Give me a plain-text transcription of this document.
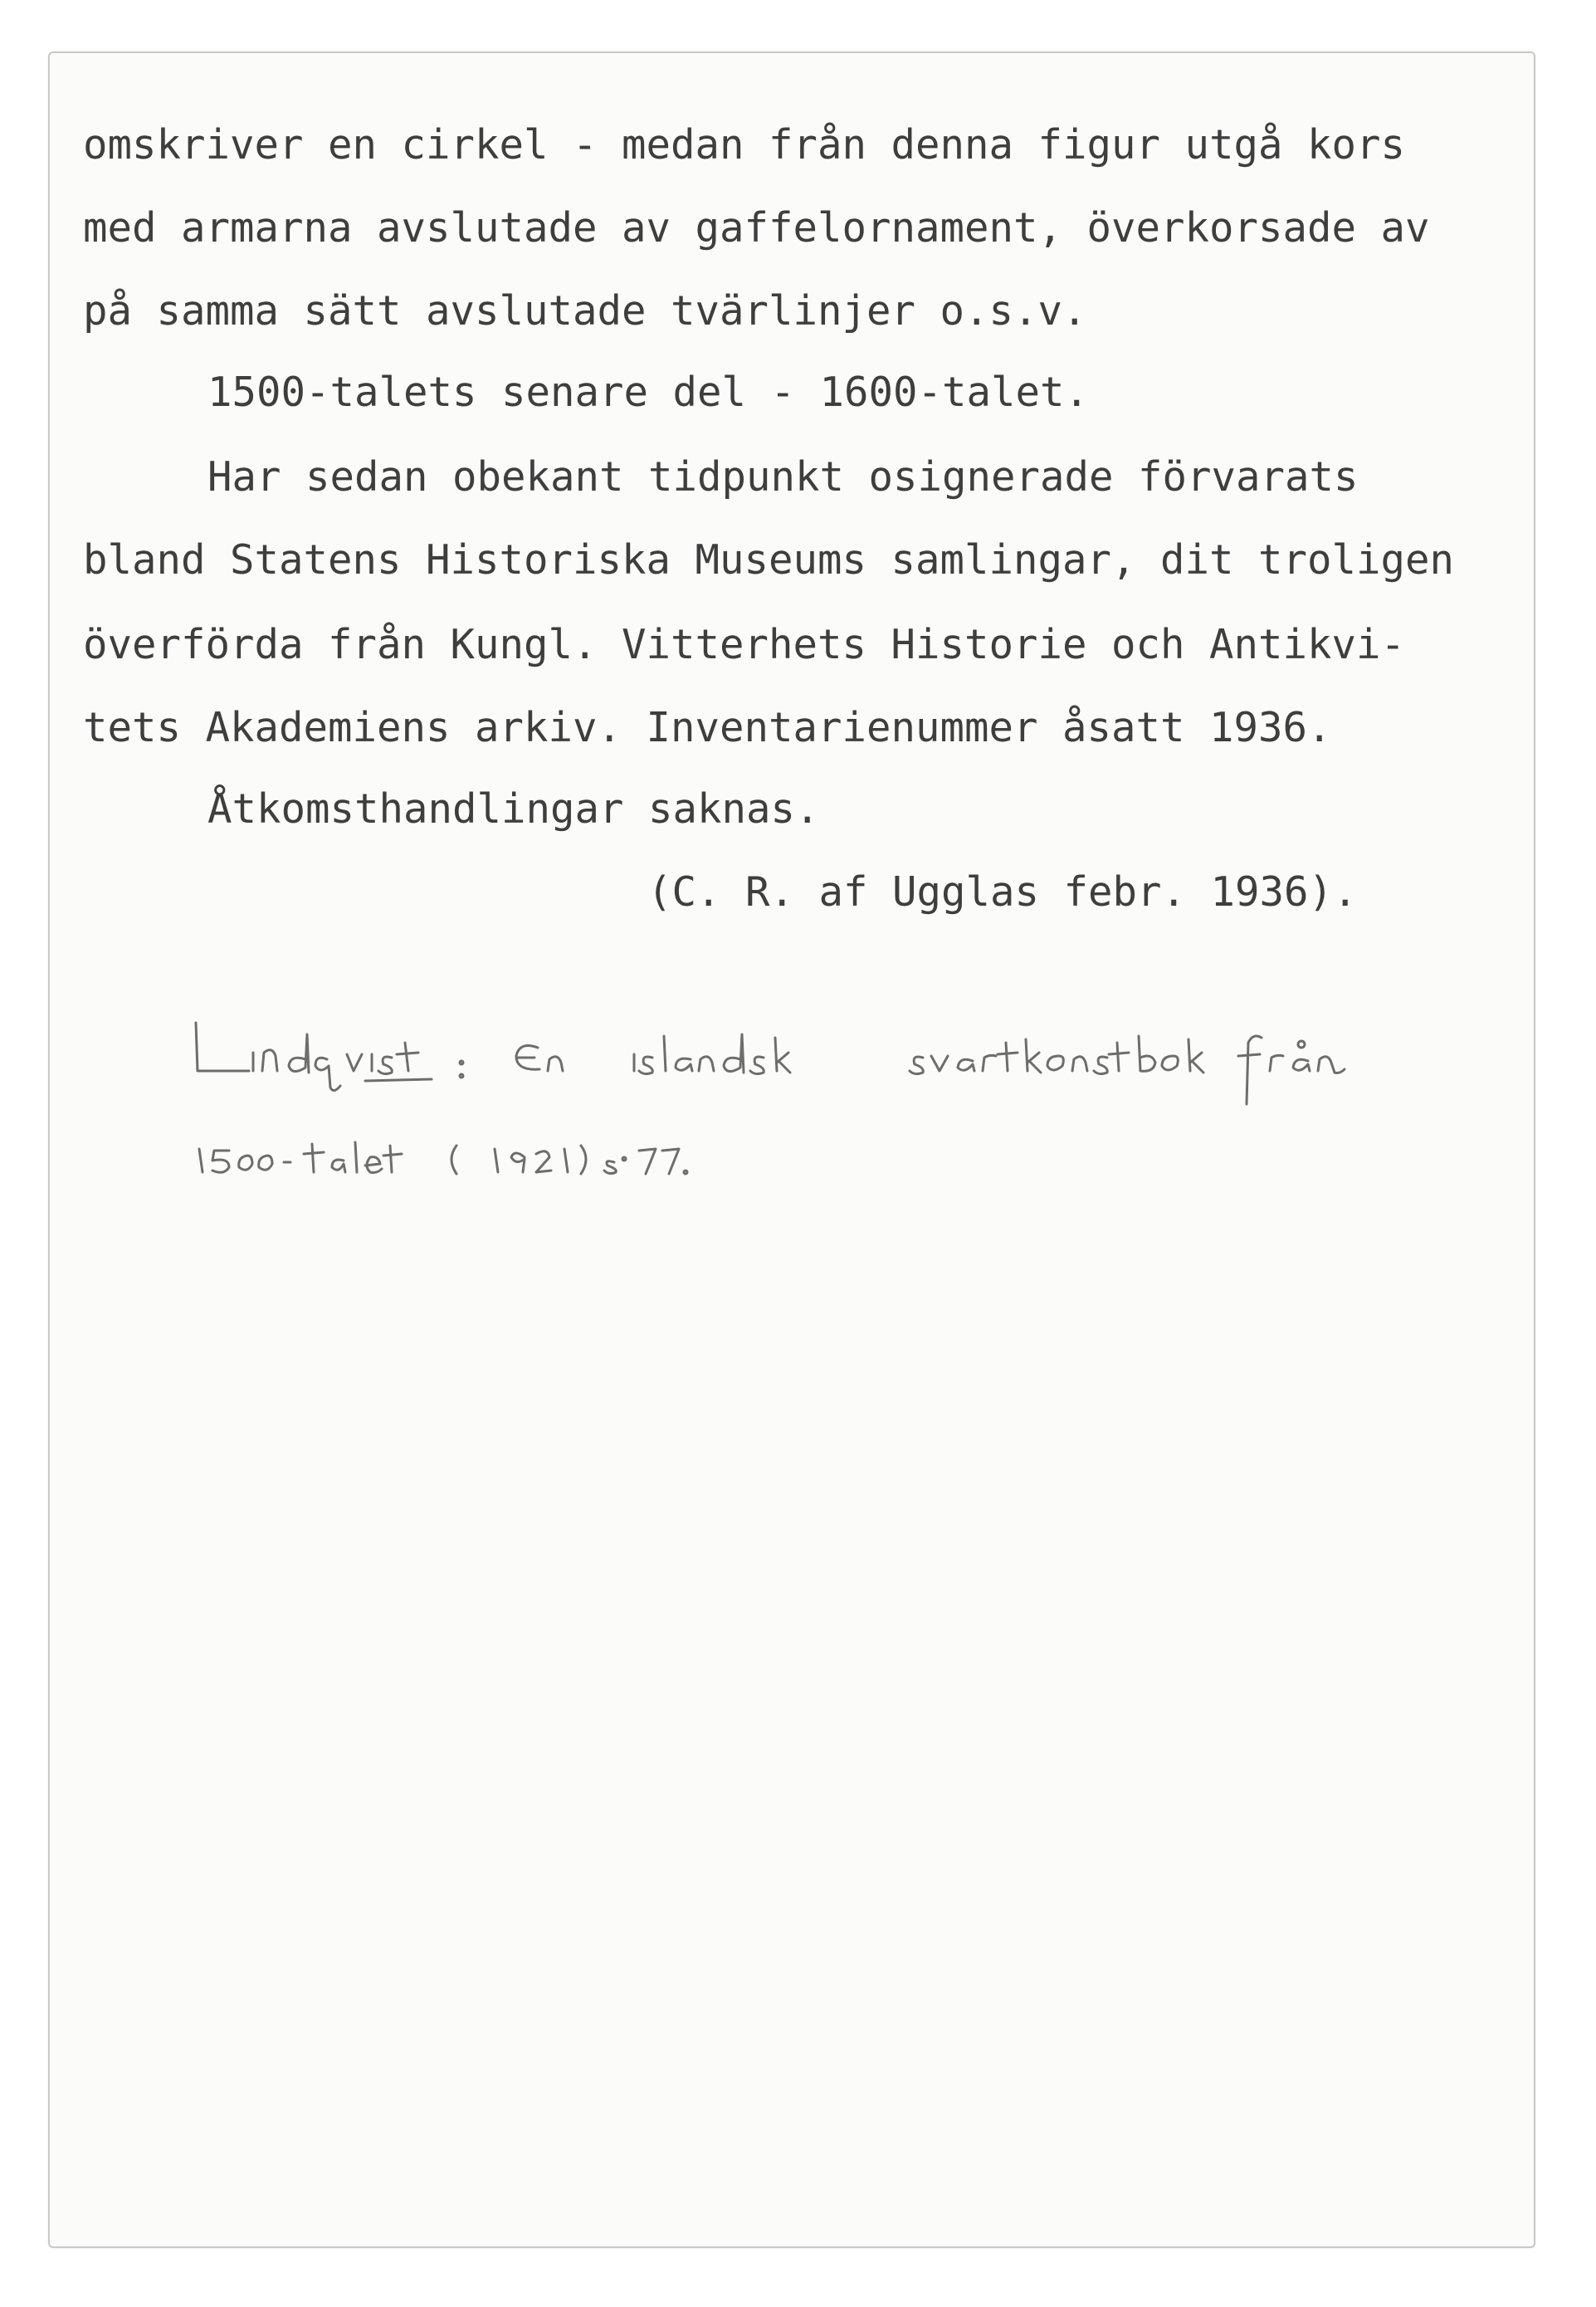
omskriver en cirkel - medan från denna figur utgå kors
med armarna avslutade av gaffelornament, överkorsade av
på samma sätt avslutade tvärlinjer o.s.v.
1500-talets senare del - 1600-talet.
Har sedan obekant tidpunkt osignerade förvarats
bland Statens Historiska Museums samlingar, dit troligen
överförda från Kungl. Vitterhets Historie och Antikvi-
tets Akademiens arkiv. Inventarienummer åsatt 1936.
Åtkomsthandlingar saknas.
(C. R. af Ugglas febr. 1936).
